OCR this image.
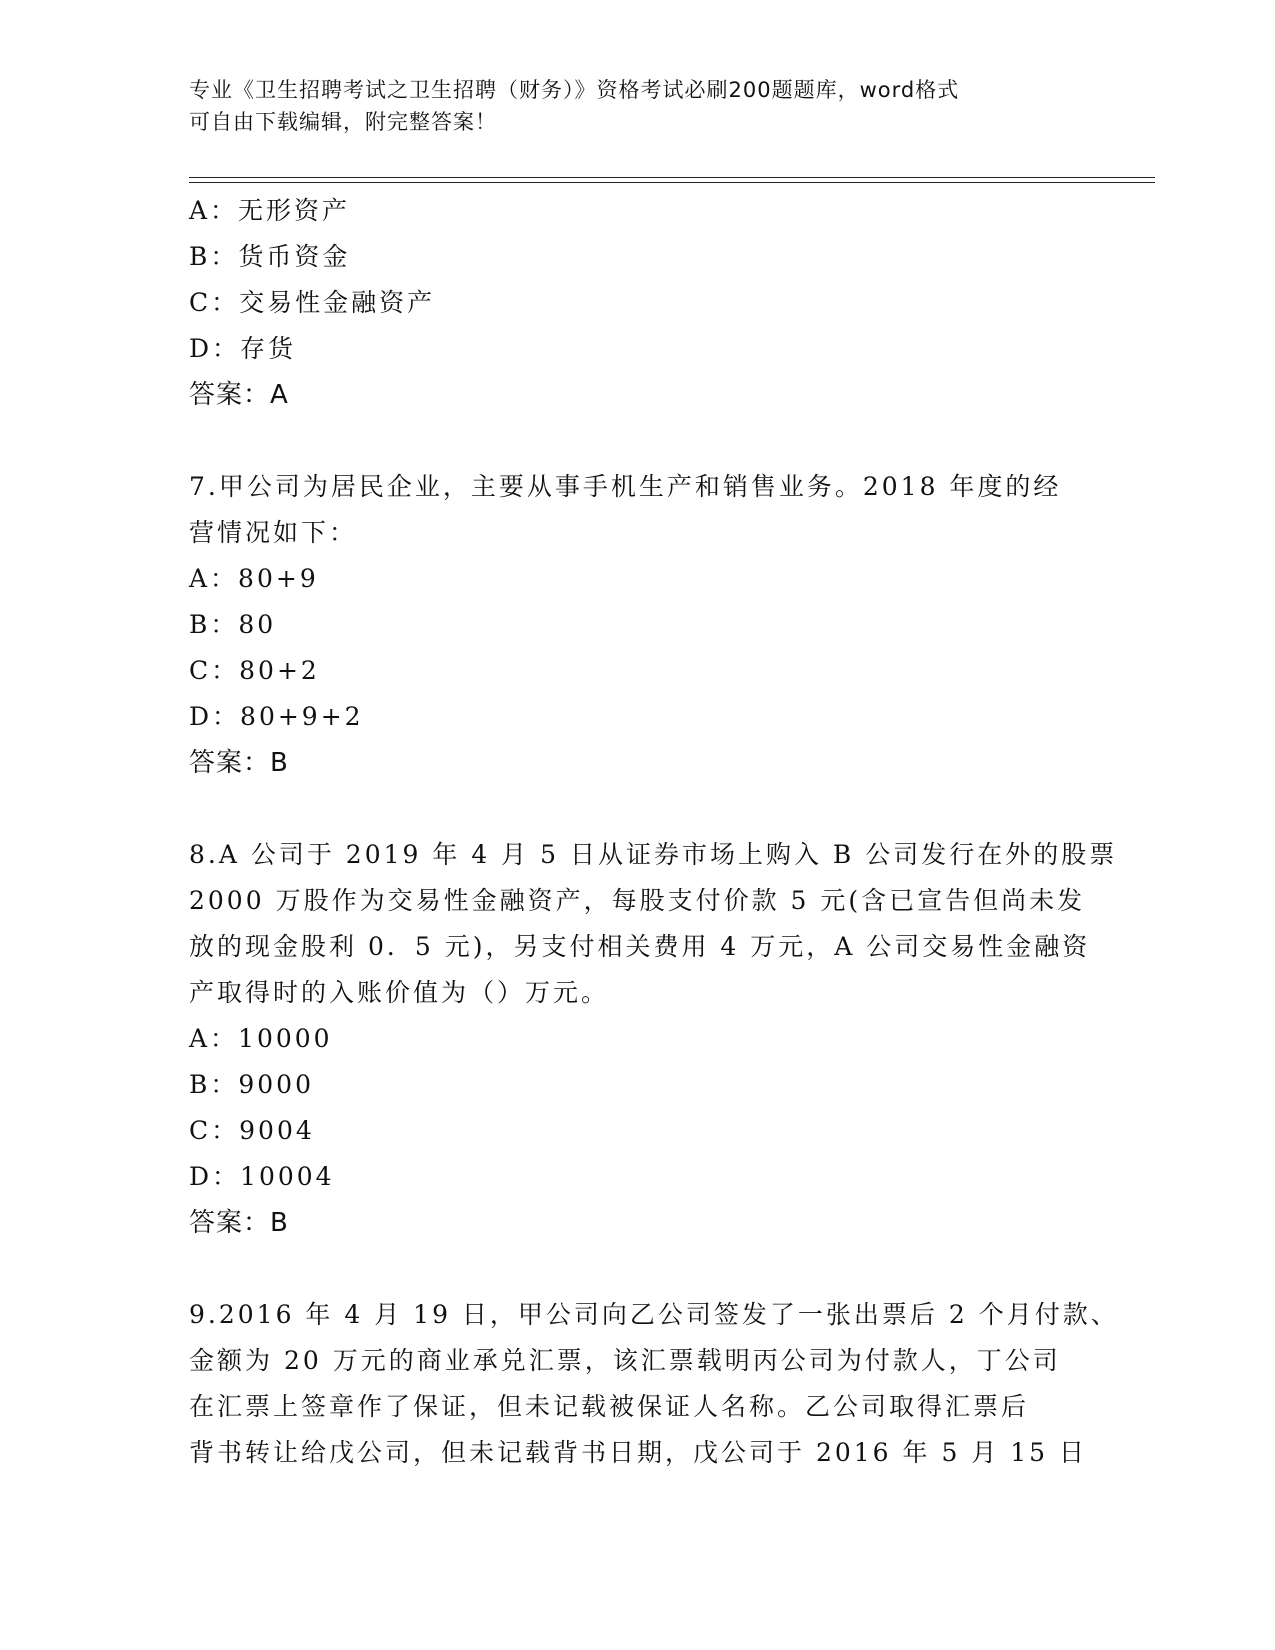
专业《卫生招聘考试之卫生招聘（财务）》资格考试必刷200题题库，word格式
可自由下载编辑，附完整答案！
A：无形资产
B：货币资金
C：交易性金融资产
D：存货
答案：A
7.甲公司为居民企业，主要从事手机生产和销售业务。2018 年度的经
营情况如下：
A：80+9
B：80
C：80+2
D：80+9+2
答案：B
8.A 公司于 2019 年 4 月 5 日从证券市场上购入 B 公司发行在外的股票
2000 万股作为交易性金融资产，每股支付价款 5 元(含已宣告但尚未发
放的现金股利 0．5 元)，另支付相关费用 4 万元，A 公司交易性金融资
产取得时的入账价值为（）万元。
A：10000
B：9000
C：9004
D：10004
答案：B
9.2016 年 4 月 19 日，甲公司向乙公司签发了一张出票后 2 个月付款、
金额为 20 万元的商业承兑汇票，该汇票载明丙公司为付款人，丁公司
在汇票上签章作了保证，但未记载被保证人名称。乙公司取得汇票后
背书转让给戊公司，但未记载背书日期，戊公司于 2016 年 5 月 15 日
